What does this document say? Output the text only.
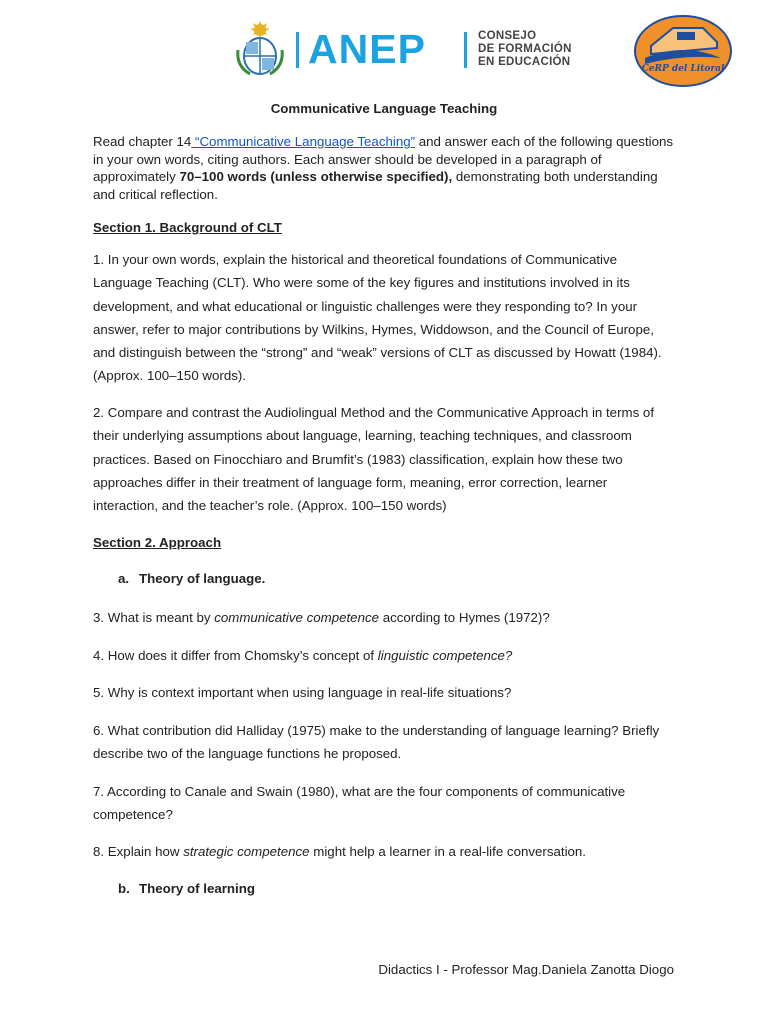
ANEP	CONSEJO
DE FORMACIÓN
EN EDUCACIÓN
CeRP del Litoral
Communicative Language Teaching
Read chapter 14 “Communicative Language Teaching” and answer each of the following questions in your own words, citing authors. Each answer should be developed in a paragraph of approximately 70–100 words (unless otherwise specified), demonstrating both understanding and critical reflection.
Section 1. Background of CLT
1. In your own words, explain the historical and theoretical foundations of Communicative Language Teaching (CLT). Who were some of the key figures and institutions involved in its development, and what educational or linguistic challenges were they responding to? In your answer, refer to major contributions by Wilkins, Hymes, Widdowson, and the Council of Europe, and distinguish between the “strong” and “weak” versions of CLT as discussed by Howatt (1984). (Approx. 100–150 words).
2. Compare and contrast the Audiolingual Method and the Communicative Approach in terms of their underlying assumptions about language, learning, teaching techniques, and classroom practices. Based on Finocchiaro and Brumfit’s (1983) classification, explain how these two approaches differ in their treatment of language form, meaning, error correction, learner interaction, and the teacher’s role. (Approx. 100–150 words)
Section 2. Approach
a. Theory of language.
3. What is meant by communicative competence according to Hymes (1972)?
4. How does it differ from Chomsky’s concept of linguistic competence?
5. Why is context important when using language in real-life situations?
6. What contribution did Halliday (1975) make to the understanding of language learning? Briefly describe two of the language functions he proposed.
7. According to Canale and Swain (1980), what are the four components of communicative competence?
8. Explain how strategic competence might help a learner in a real-life conversation.
b. Theory of learning
Didactics I - Professor Mag.Daniela Zanotta Diogo
